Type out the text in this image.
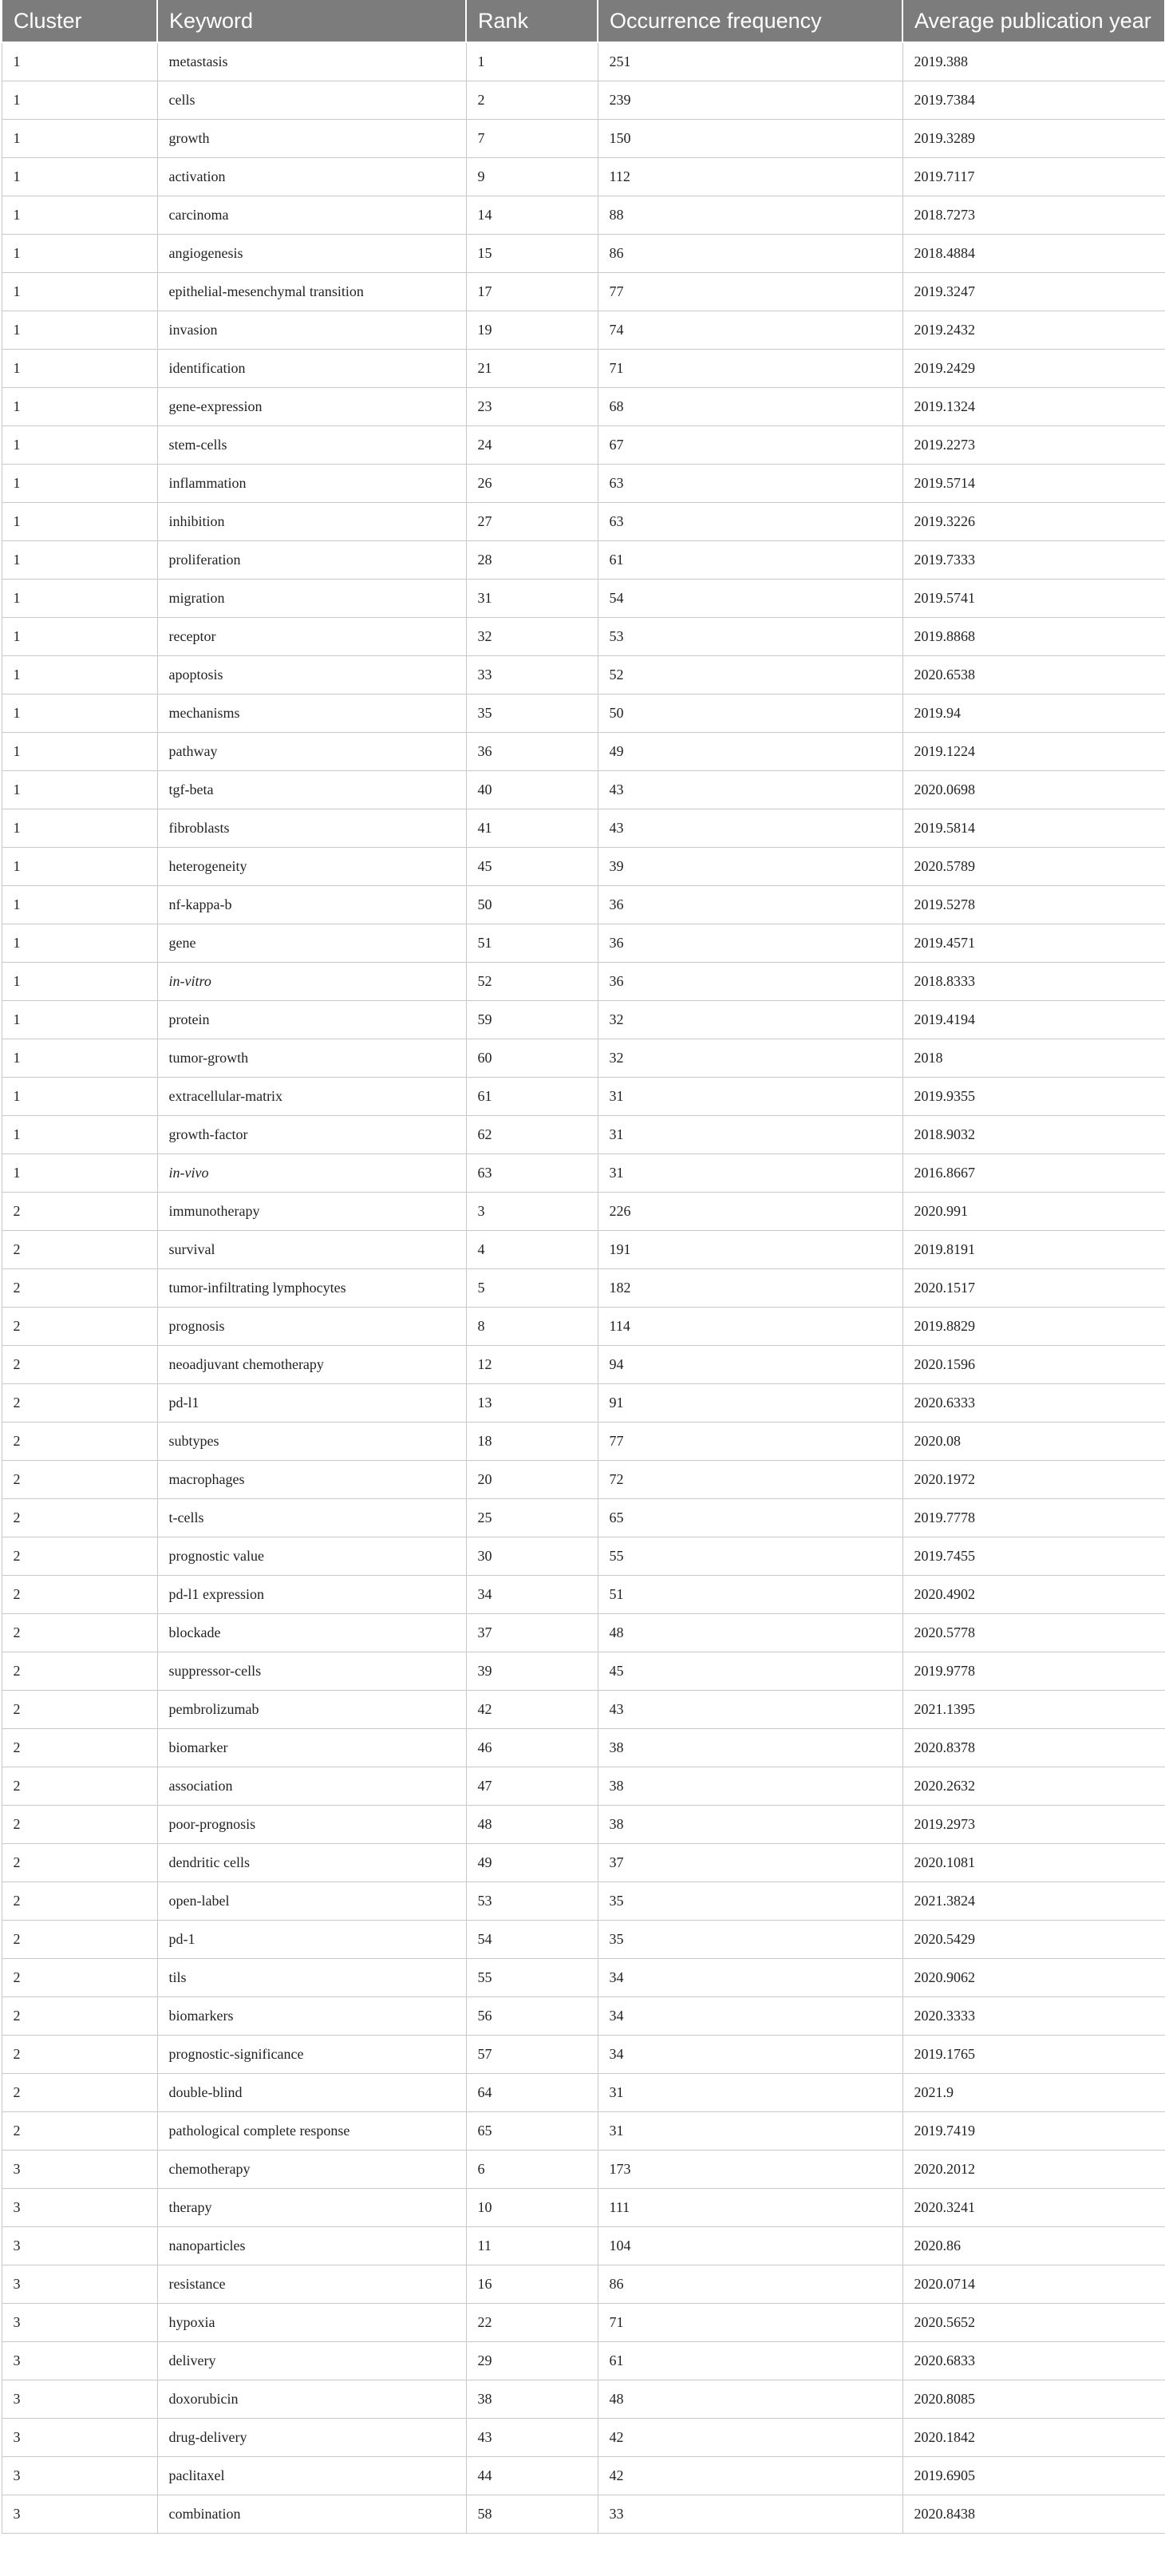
Cluster	Keyword	Rank	Occurrence frequency	Average publication year
1	metastasis	1	251	2019.388
1	cells	2	239	2019.7384
1	growth	7	150	2019.3289
1	activation	9	112	2019.7117
1	carcinoma	14	88	2018.7273
1	angiogenesis	15	86	2018.4884
1	epithelial-mesenchymal transition	17	77	2019.3247
1	invasion	19	74	2019.2432
1	identification	21	71	2019.2429
1	gene-expression	23	68	2019.1324
1	stem-cells	24	67	2019.2273
1	inflammation	26	63	2019.5714
1	inhibition	27	63	2019.3226
1	proliferation	28	61	2019.7333
1	migration	31	54	2019.5741
1	receptor	32	53	2019.8868
1	apoptosis	33	52	2020.6538
1	mechanisms	35	50	2019.94
1	pathway	36	49	2019.1224
1	tgf-beta	40	43	2020.0698
1	fibroblasts	41	43	2019.5814
1	heterogeneity	45	39	2020.5789
1	nf-kappa-b	50	36	2019.5278
1	gene	51	36	2019.4571
1	in-vitro	52	36	2018.8333
1	protein	59	32	2019.4194
1	tumor-growth	60	32	2018
1	extracellular-matrix	61	31	2019.9355
1	growth-factor	62	31	2018.9032
1	in-vivo	63	31	2016.8667
2	immunotherapy	3	226	2020.991
2	survival	4	191	2019.8191
2	tumor-infiltrating lymphocytes	5	182	2020.1517
2	prognosis	8	114	2019.8829
2	neoadjuvant chemotherapy	12	94	2020.1596
2	pd-l1	13	91	2020.6333
2	subtypes	18	77	2020.08
2	macrophages	20	72	2020.1972
2	t-cells	25	65	2019.7778
2	prognostic value	30	55	2019.7455
2	pd-l1 expression	34	51	2020.4902
2	blockade	37	48	2020.5778
2	suppressor-cells	39	45	2019.9778
2	pembrolizumab	42	43	2021.1395
2	biomarker	46	38	2020.8378
2	association	47	38	2020.2632
2	poor-prognosis	48	38	2019.2973
2	dendritic cells	49	37	2020.1081
2	open-label	53	35	2021.3824
2	pd-1	54	35	2020.5429
2	tils	55	34	2020.9062
2	biomarkers	56	34	2020.3333
2	prognostic-significance	57	34	2019.1765
2	double-blind	64	31	2021.9
2	pathological complete response	65	31	2019.7419
3	chemotherapy	6	173	2020.2012
3	therapy	10	111	2020.3241
3	nanoparticles	11	104	2020.86
3	resistance	16	86	2020.0714
3	hypoxia	22	71	2020.5652
3	delivery	29	61	2020.6833
3	doxorubicin	38	48	2020.8085
3	drug-delivery	43	42	2020.1842
3	paclitaxel	44	42	2019.6905
3	combination	58	33	2020.8438
